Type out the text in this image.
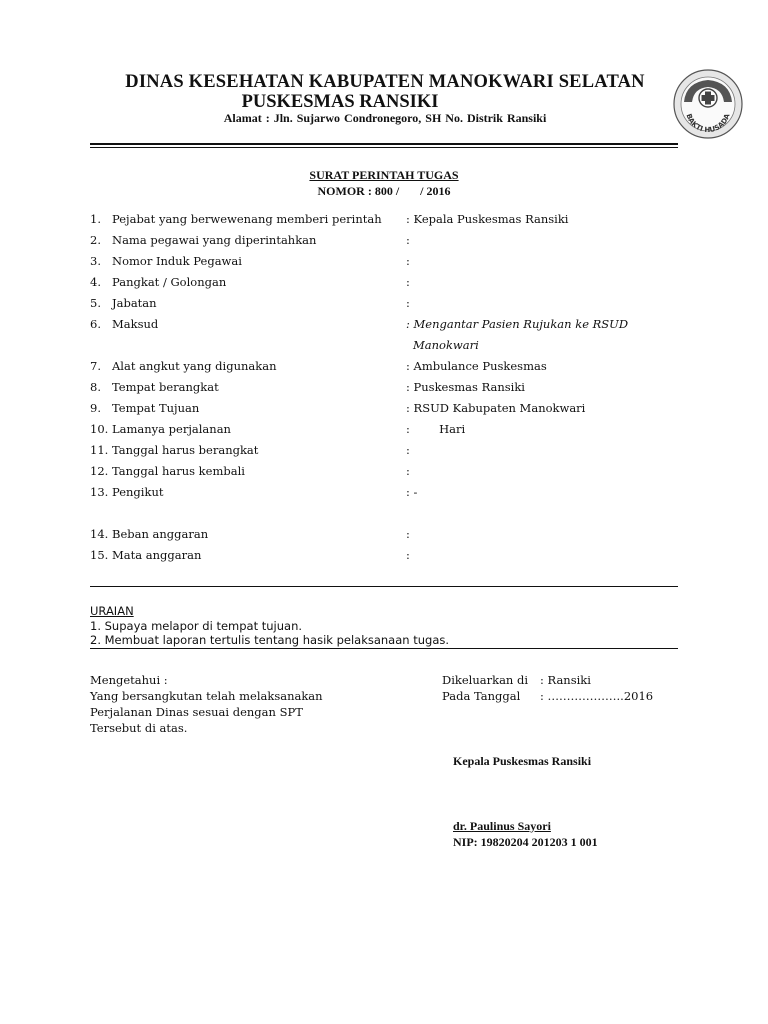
DINAS KESEHATAN KABUPATEN MANOKWARI SELATAN
PUSKESMAS RANSIKI
Alamat : Jln. Sujarwo Condronegoro, SH No. Distrik Ransiki	BAKTI HUSADA
SURAT PERINTAH TUGAS
NOMOR : 800 /       / 2016
1. Pejabat yang berwewenang memberi perintah	: Kepala Puskesmas Ransiki
2. Nama pegawai yang diperintahkan	:
3. Nomor Induk Pegawai	:
4. Pangkat / Golongan	:
5. Jabatan	:
6. Maksud	: Mengantar Pasien Rujukan ke RSUD
Manokwari
7. Alat angkut yang digunakan	: Ambulance Puskesmas
8. Tempat berangkat	: Puskesmas Ransiki
9. Tempat Tujuan	: RSUD Kabupaten Manokwari
10. Lamanya perjalanan	:        Hari
11. Tanggal harus berangkat	:
12. Tanggal harus kembali	:
13. Pengikut	: -
14. Beban anggaran	:
15. Mata anggaran	:
URAIAN
1. Supaya melapor di tempat tujuan.
2. Membuat laporan tertulis tentang hasik pelaksanaan tugas.
Mengetahui :
Yang bersangkutan telah melaksanakan
Perjalanan Dinas sesuai dengan SPT
Tersebut di atas.
Dikeluarkan di : Ransiki
Pada Tanggal : ………………..2016
Kepala Puskesmas Ransiki
dr. Paulinus Sayori
NIP: 19820204 201203 1 001
